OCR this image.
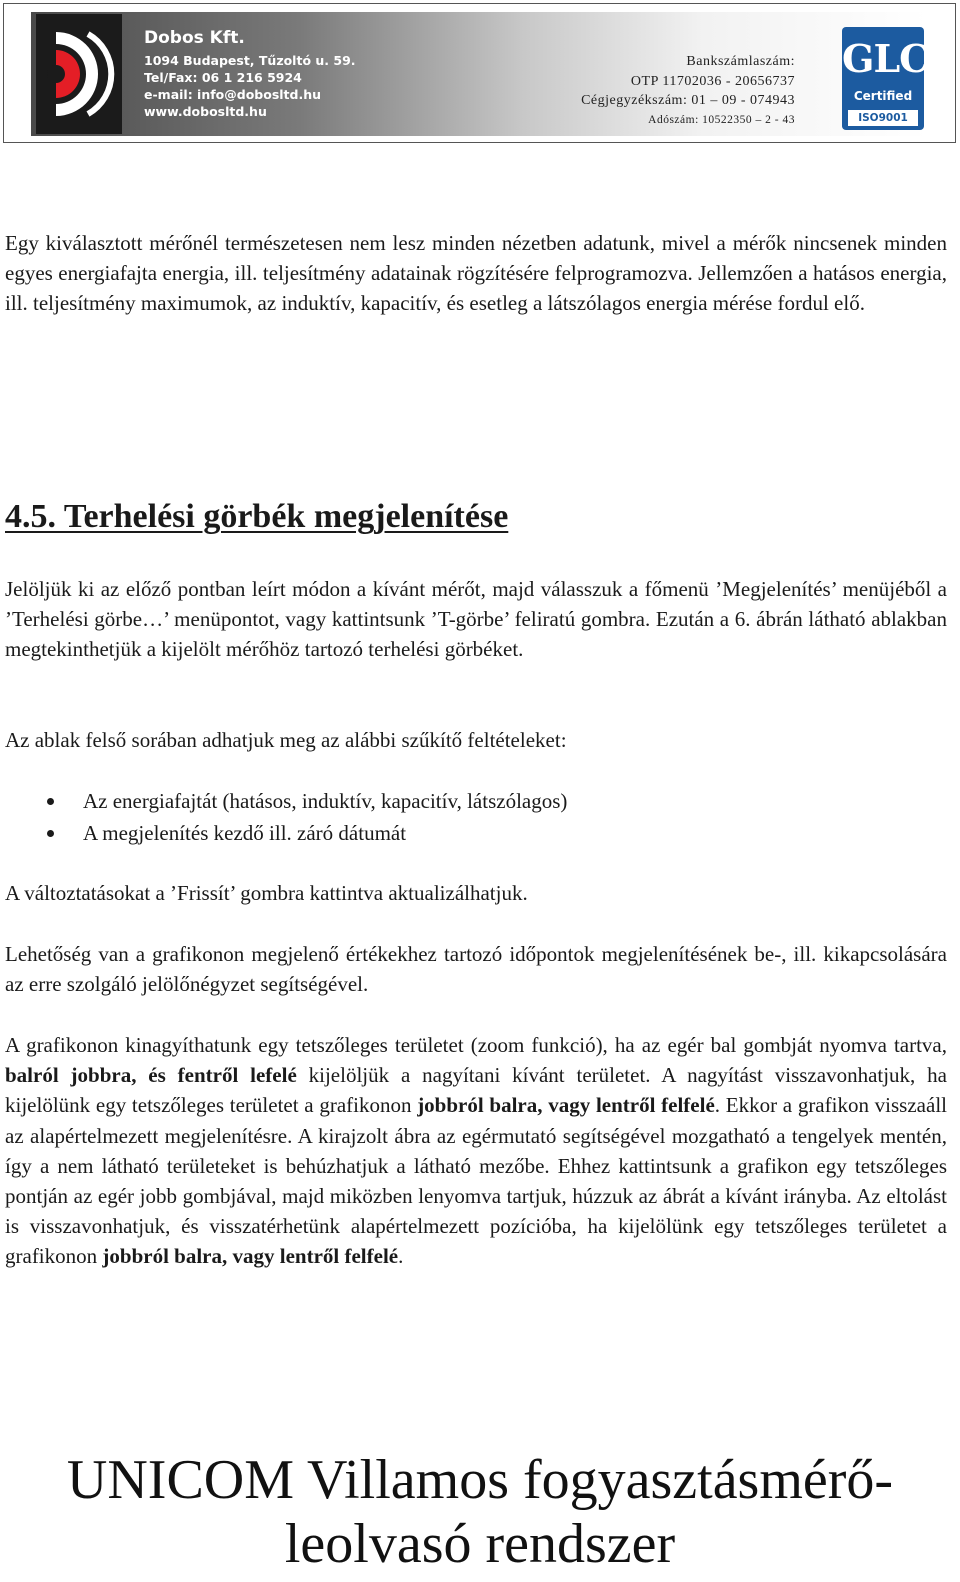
Dobos Kft.
1094 Budapest, Tűzoltó u. 59.
Tel/Fax: 06 1 216 5924
e-mail: info@dobosltd.hu
www.dobosltd.hu
Bankszámlaszám:
OTP 11702036 - 20656737
Cégjegyzékszám: 01 – 09 - 074943
Adószám: 10522350 – 2 - 43
GLC
Certified
ISO9001

Egy kiválasztott mérőnél természetesen nem lesz minden nézetben adatunk, mivel a mérők nincsenek minden egyes energiafajta energia, ill. teljesítmény adatainak rögzítésére felprogramozva. Jellemzően a hatásos energia, ill. teljesítmény maximumok, az induktív, kapacitív, és esetleg a látszólagos energia mérése fordul elő.

4.5. Terhelési görbék megjelenítése

Jelöljük ki az előző pontban leírt módon a kívánt mérőt, majd válasszuk a főmenü ’Megjelenítés’ menüjéből a ’Terhelési görbe…’ menüpontot, vagy kattintsunk ’T-görbe’ feliratú gombra. Ezután a 6. ábrán látható ablakban megtekinthetjük a kijelölt mérőhöz tartozó terhelési görbéket.

Az ablak felső sorában adhatjuk meg az alábbi szűkítő feltételeket:

Az energiafajtát (hatásos, induktív, kapacitív, látszólagos)
A megjelenítés kezdő ill. záró dátumát

A változtatásokat a ’Frissít’ gombra kattintva aktualizálhatjuk.

Lehetőség van a grafikonon megjelenő értékekhez tartozó időpontok megjelenítésének be-, ill. kikapcsolására az erre szolgáló jelölőnégyzet segítségével.

A grafikonon kinagyíthatunk egy tetszőleges területet (zoom funkció), ha az egér bal gombját nyomva tartva, balról jobbra, és fentről lefelé kijelöljük a nagyítani kívánt területet. A nagyítást visszavonhatjuk, ha kijelölünk egy tetszőleges területet a grafikonon jobbról balra, vagy lentről felfelé. Ekkor a grafikon visszaáll az alapértelmezett megjelenítésre. A kirajzolt ábra az egérmutató segítségével mozgatható a tengelyek mentén, így a nem látható területeket is behúzhatjuk a látható mezőbe. Ehhez kattintsunk a grafikon egy tetszőleges pontján az egér jobb gombjával, majd miközben lenyomva tartjuk, húzzuk az ábrát a kívánt irányba. Az eltolást is visszavonhatjuk, és visszatérhetünk alapértelmezett pozícióba, ha kijelölünk egy tetszőleges területet a grafikonon jobbról balra, vagy lentről felfelé.

UNICOM Villamos fogyasztásmérő-
leolvasó rendszer
